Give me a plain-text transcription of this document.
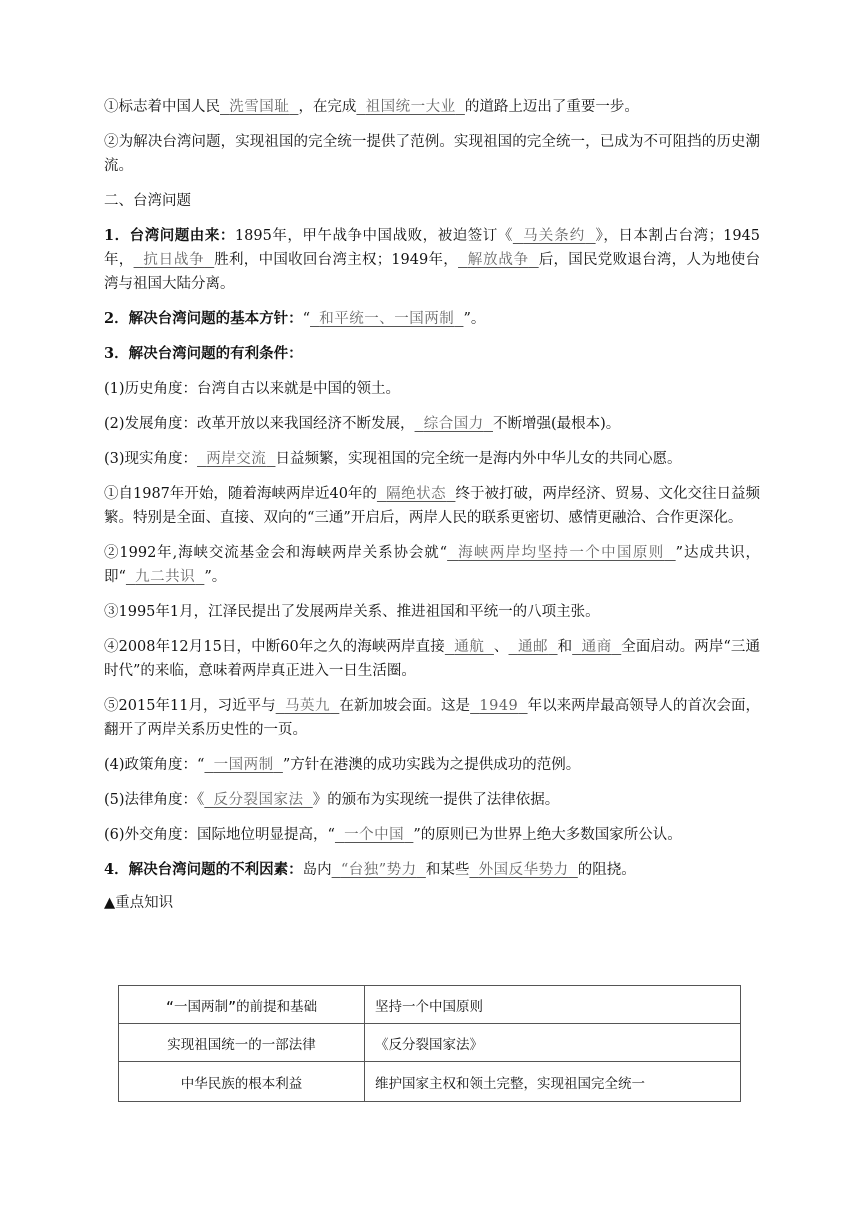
①标志着中国人民 洗雪国耻 ，在完成 祖国统一大业 的道路上迈出了重要一步。

②为解决台湾问题，实现祖国的完全统一提供了范例。实现祖国的完全统一，已成为不可阻挡的历史潮流。

二、台湾问题

1．台湾问题由来：1895年，甲午战争中国战败，被迫签订《 马关条约 》，日本割占台湾；1945年， 抗日战争 胜利，中国收回台湾主权；1949年， 解放战争 后，国民党败退台湾，人为地使台湾与祖国大陆分离。

2．解决台湾问题的基本方针：“ 和平统一、一国两制 ”。

3．解决台湾问题的有利条件：

(1)历史角度：台湾自古以来就是中国的领土。

(2)发展角度：改革开放以来我国经济不断发展， 综合国力 不断增强(最根本)。

(3)现实角度： 两岸交流 日益频繁，实现祖国的完全统一是海内外中华儿女的共同心愿。

①自1987年开始，随着海峡两岸近40年的 隔绝状态 终于被打破，两岸经济、贸易、文化交往日益频繁。特别是全面、直接、双向的“三通”开启后，两岸人民的联系更密切、感情更融洽、合作更深化。

②1992年,海峡交流基金会和海峡两岸关系协会就“ 海峡两岸均坚持一个中国原则 ”达成共识，即“ 九二共识 ”。

③1995年1月，江泽民提出了发展两岸关系、推进祖国和平统一的八项主张。

④2008年12月15日，中断60年之久的海峡两岸直接 通航 、 通邮 和 通商 全面启动。两岸“三通时代”的来临，意味着两岸真正进入一日生活圈。

⑤2015年11月，习近平与 马英九 在新加坡会面。这是 1949 年以来两岸最高领导人的首次会面，翻开了两岸关系历史性的一页。

(4)政策角度：“ 一国两制 ”方针在港澳的成功实践为之提供成功的范例。

(5)法律角度：《 反分裂国家法 》的颁布为实现统一提供了法律依据。

(6)外交角度：国际地位明显提高，“ 一个中国 ”的原则已为世界上绝大多数国家所公认。

4．解决台湾问题的不利因素：岛内 “台独”势力 和某些 外国反华势力 的阻挠。

▲重点知识

“一国两制”的前提和基础	坚持一个中国原则
实现祖国统一的一部法律	《反分裂国家法》
中华民族的根本利益	维护国家主权和领土完整，实现祖国完全统一
